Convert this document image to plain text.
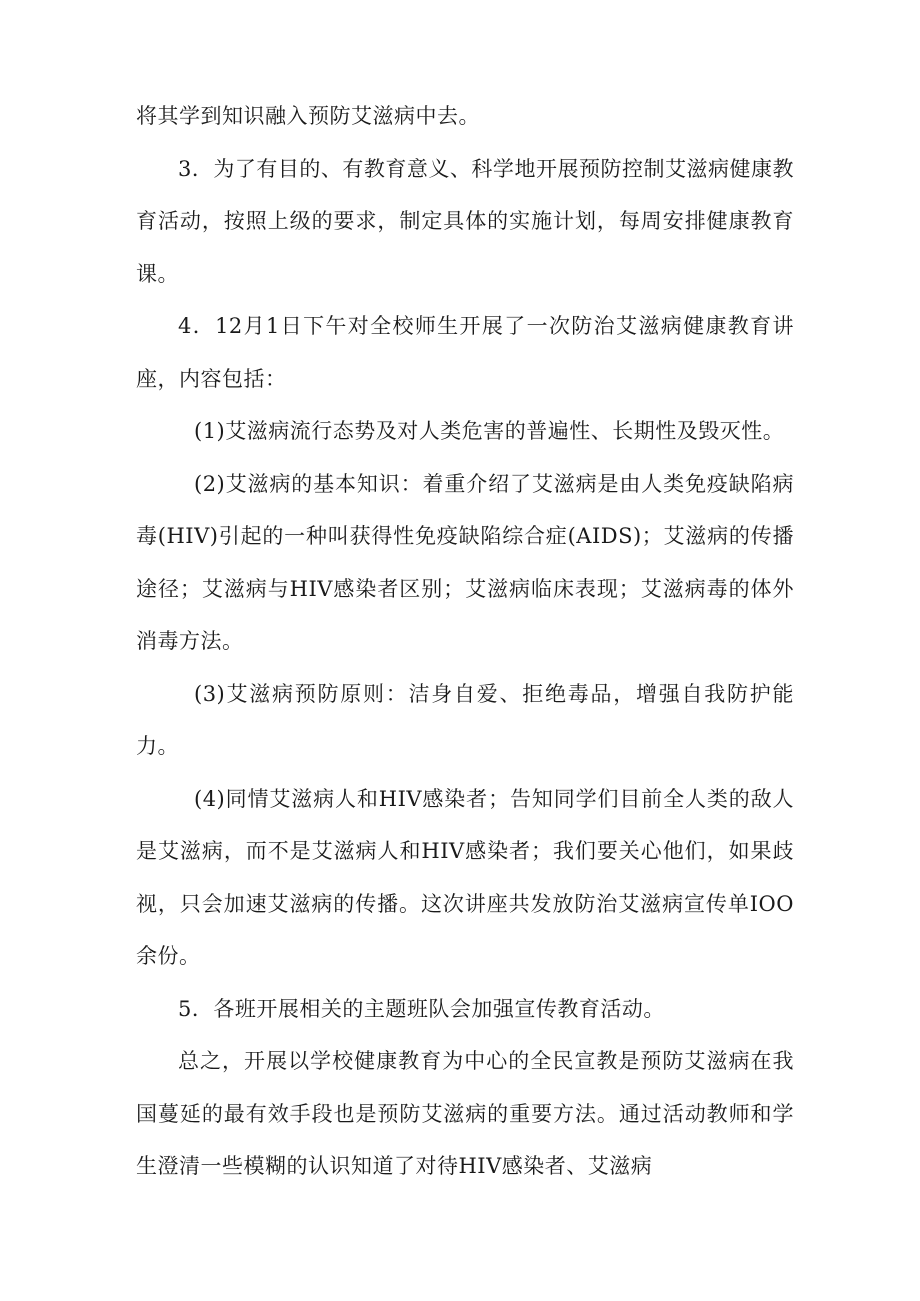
将其学到知识融入预防艾滋病中去。

3．为了有目的、有教育意义、科学地开展预防控制艾滋病健康教育活动，按照上级的要求，制定具体的实施计划，每周安排健康教育课。

4．12月1日下午对全校师生开展了一次防治艾滋病健康教育讲座，内容包括：

(1)艾滋病流行态势及对人类危害的普遍性、长期性及毁灭性。

(2)艾滋病的基本知识：着重介绍了艾滋病是由人类免疫缺陷病毒(HIV)引起的一种叫获得性免疫缺陷综合症(AIDS)；艾滋病的传播途径；艾滋病与HIV感染者区别；艾滋病临床表现；艾滋病毒的体外消毒方法。

(3)艾滋病预防原则：洁身自爱、拒绝毒品，增强自我防护能力。

(4)同情艾滋病人和HIV感染者；告知同学们目前全人类的敌人是艾滋病，而不是艾滋病人和HIV感染者；我们要关心他们，如果歧视，只会加速艾滋病的传播。这次讲座共发放防治艾滋病宣传单IOO余份。

5．各班开展相关的主题班队会加强宣传教育活动。

总之，开展以学校健康教育为中心的全民宣教是预防艾滋病在我国蔓延的最有效手段也是预防艾滋病的重要方法。通过活动教师和学生澄清一些模糊的认识知道了对待HIV感染者、艾滋病
